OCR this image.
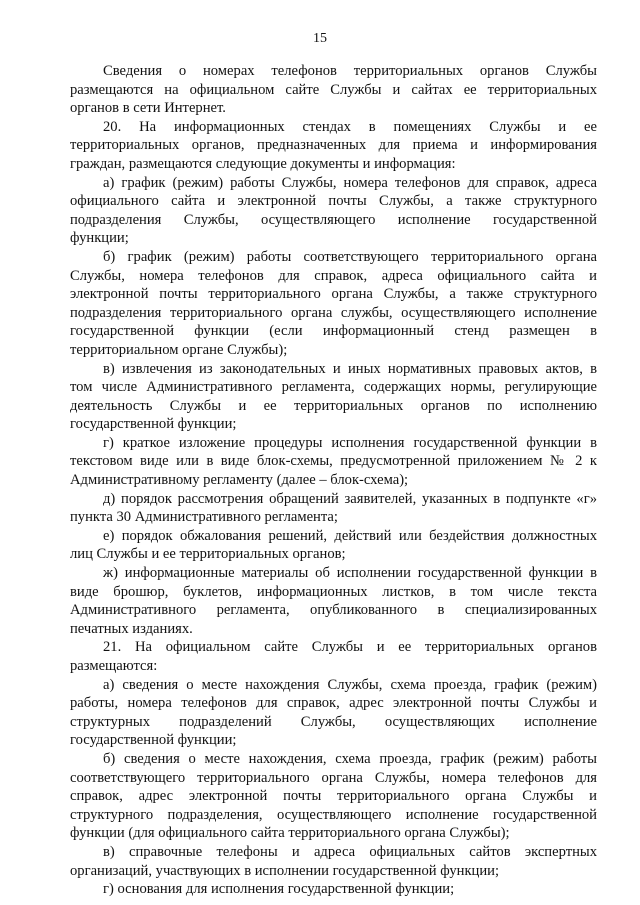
15
Сведения о номерах телефонов территориальных органов Службы
размещаются на официальном сайте Службы и сайтах ее территориальных
органов в сети Интернет.
20. На информационных стендах в помещениях Службы и ее
территориальных органов, предназначенных для приема и информирования
граждан, размещаются следующие документы и информация:
а) график (режим) работы Службы, номера телефонов для справок, адреса
официального сайта и электронной почты Службы, а также структурного
подразделения Службы, осуществляющего исполнение государственной
функции;
б) график (режим) работы соответствующего территориального органа
Службы, номера телефонов для справок, адреса официального сайта и
электронной почты территориального органа Службы, а также структурного
подразделения территориального органа службы, осуществляющего исполнение
государственной функции (если информационный стенд размещен в
территориальном органе Службы);
в) извлечения из законодательных и иных нормативных правовых актов, в
том числе Административного регламента, содержащих нормы, регулирующие
деятельность Службы и ее территориальных органов по исполнению
государственной функции;
г) краткое изложение процедуры исполнения государственной функции в
текстовом виде или в виде блок-схемы, предусмотренной приложением № 2 к
Административному регламенту (далее – блок-схема);
д) порядок рассмотрения обращений заявителей, указанных в подпункте «г»
пункта 30 Административного регламента;
е) порядок обжалования решений, действий или бездействия должностных
лиц Службы и ее территориальных органов;
ж) информационные материалы об исполнении государственной функции в
виде брошюр, буклетов, информационных листков, в том числе текста
Административного регламента, опубликованного в специализированных
печатных изданиях.
21. На официальном сайте Службы и ее территориальных органов
размещаются:
а) сведения о месте нахождения Службы, схема проезда, график (режим)
работы, номера телефонов для справок, адрес электронной почты Службы и
структурных подразделений Службы, осуществляющих исполнение
государственной функции;
б) сведения о месте нахождения, схема проезда, график (режим) работы
соответствующего территориального органа Службы, номера телефонов для
справок, адрес электронной почты территориального органа Службы и
структурного подразделения, осуществляющего исполнение государственной
функции (для официального сайта территориального органа Службы);
в) справочные телефоны и адреса официальных сайтов экспертных
организаций, участвующих в исполнении государственной функции;
г) основания для исполнения государственной функции;
